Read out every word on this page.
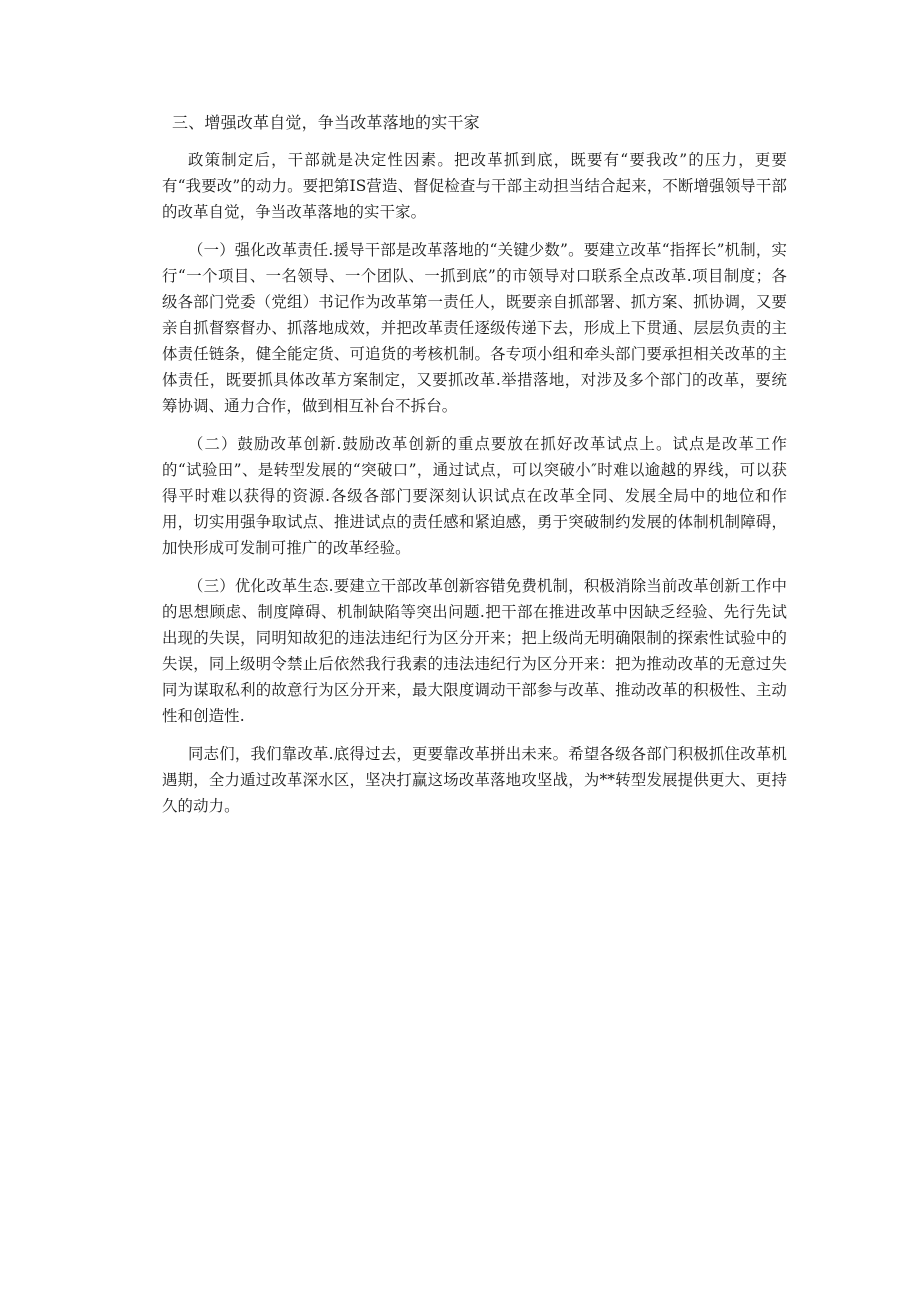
三、增强改革自觉，争当改革落地的实干家

政策制定后，干部就是决定性因素。把改革抓到底，既要有“要我改”的压力，更要有“我要改”的动力。要把第IS营造、督促检查与干部主动担当结合起来，不断增强领导干部的改革自觉，争当改革落地的实干家。

（一）强化改革责任.援导干部是改革落地的“关键少数”。要建立改革“指挥长”机制，实行“一个项目、一名领导、一个团队、一抓到底”的市领导对口联系全点改革.项目制度；各级各部门党委（党组）书记作为改革第一责任人，既要亲自抓部署、抓方案、抓协调，又要亲自抓督察督办、抓落地成效，并把改革责任逐级传递下去，形成上下贯通、层层负责的主体责任链条，健全能定货、可追货的考核机制。各专项小组和牵头部门要承担相关改革的主体责任，既要抓具体改革方案制定，又要抓改革.举措落地，对涉及多个部门的改革，要统筹协调、通力合作，做到相互补台不拆台。

（二）鼓励改革创新.鼓励改革创新的重点要放在抓好改革试点上。试点是改革工作的“试验田”、是转型发展的“突破口”，通过试点，可以突破小″时难以逾越的界线，可以获得平时难以获得的资源.各级各部门要深刻认识试点在改革全同、发展全局中的地位和作用，切实用强争取试点、推进试点的责任感和紧迫感，勇于突破制约发展的体制机制障碍，加快形成可发制可推广的改革经验。

（三）优化改革生态.要建立干部改革创新容错免费机制，积极消除当前改革创新工作中的思想顾虑、制度障碍、机制缺陷等突出问题.把干部在推进改革中因缺乏经验、先行先试出现的失误，同明知故犯的违法违纪行为区分开来；把上级尚无明确限制的探索性试验中的失误，同上级明令禁止后依然我行我素的违法违纪行为区分开来：把为推动改革的无意过失同为谋取私利的故意行为区分开来，最大限度调动干部参与改革、推动改革的积极性、主动性和创造性.

同志们，我们靠改革.底得过去，更要靠改革拼出未来。希望各级各部门积极抓住改革机遇期，全力遁过改革深水区，坚决打赢这场改革落地攻坚战，为**转型发展提供更大、更持久的动力。
